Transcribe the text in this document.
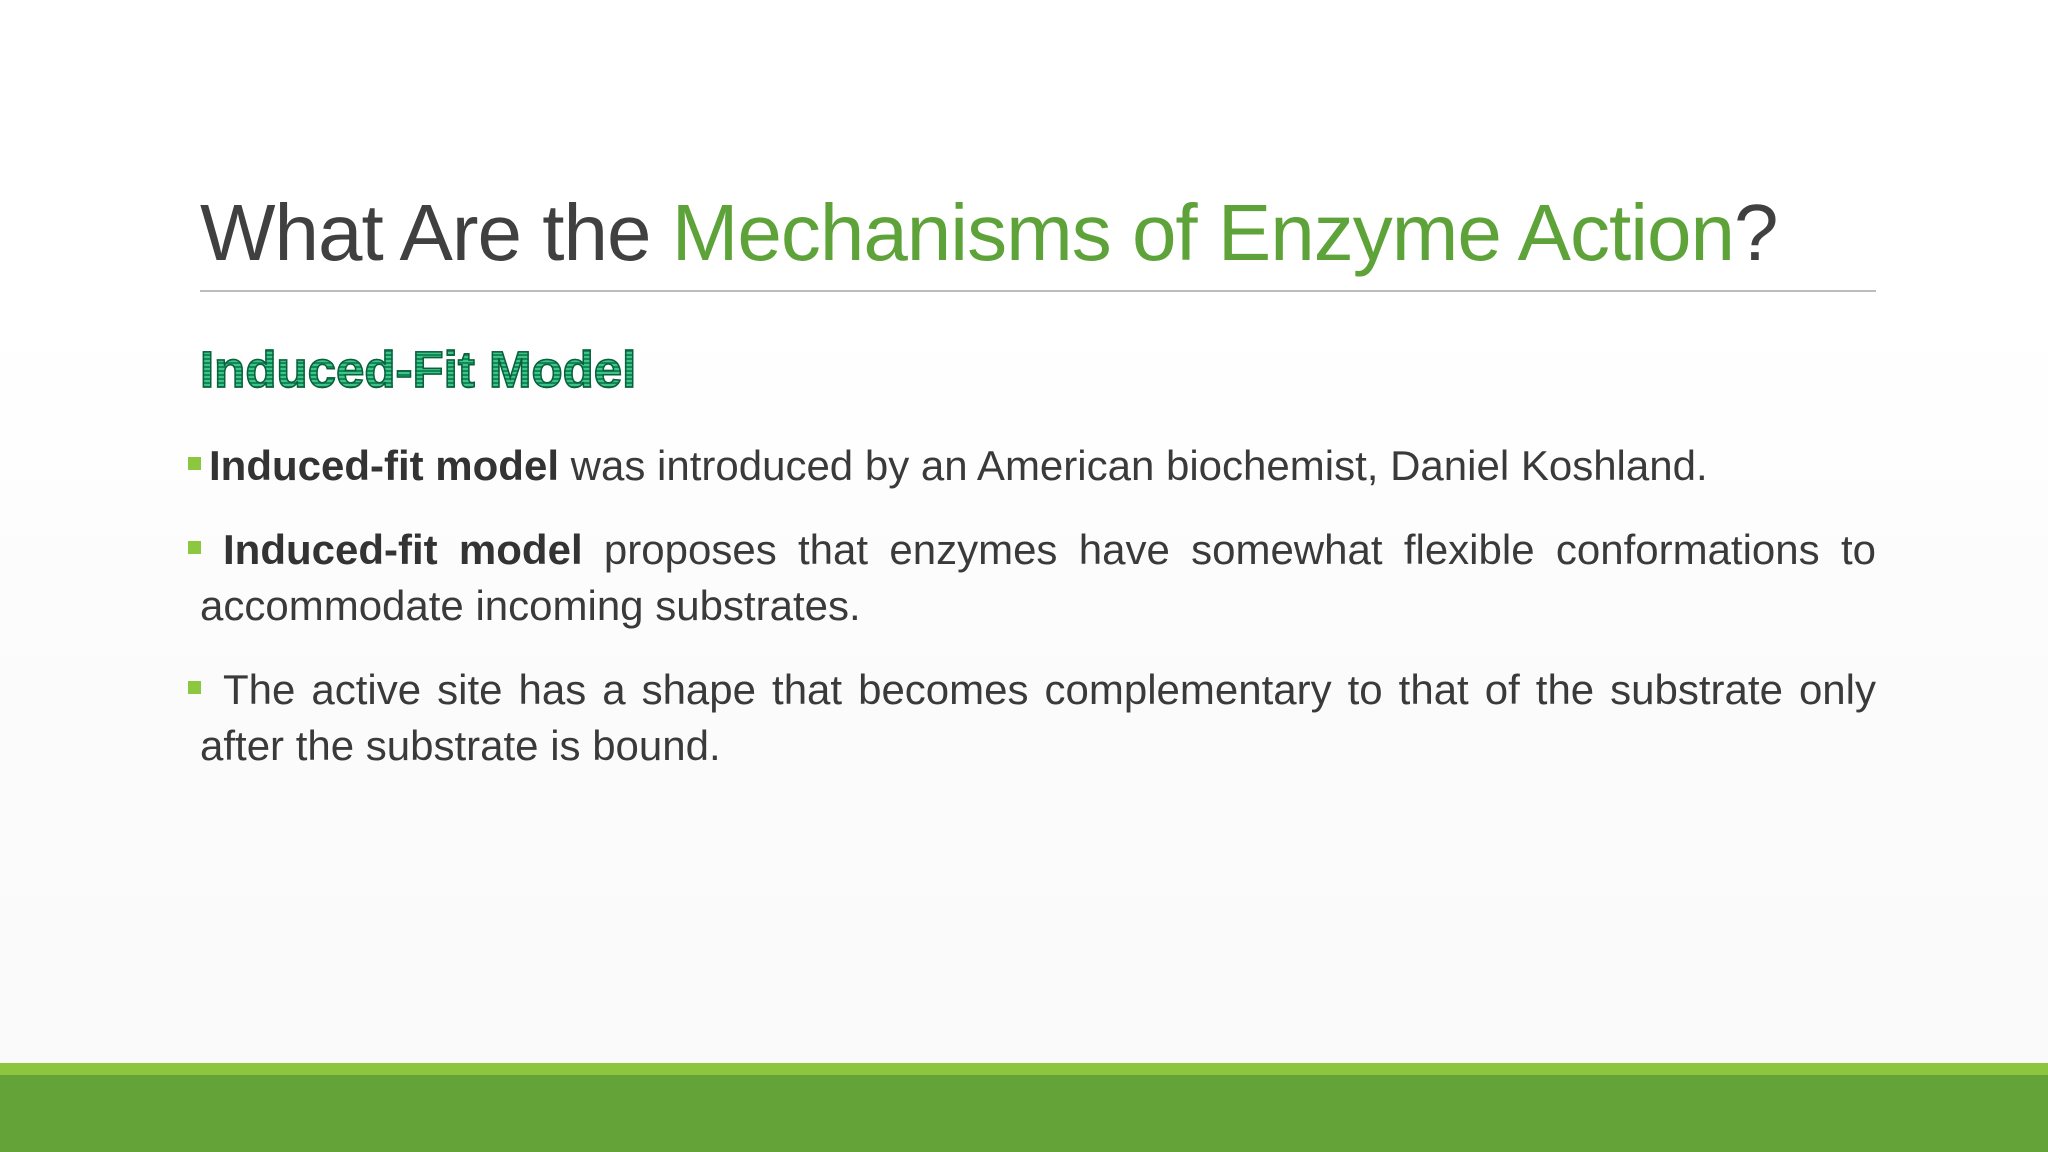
What Are the Mechanisms of Enzyme Action?
Induced-Fit Model
Induced-fit model was introduced by an American biochemist, Daniel Koshland.
Induced-fit model proposes that enzymes have somewhat flexible conformations to accommodate incoming substrates.
The active site has a shape that becomes complementary to that of the substrate only after the substrate is bound.
